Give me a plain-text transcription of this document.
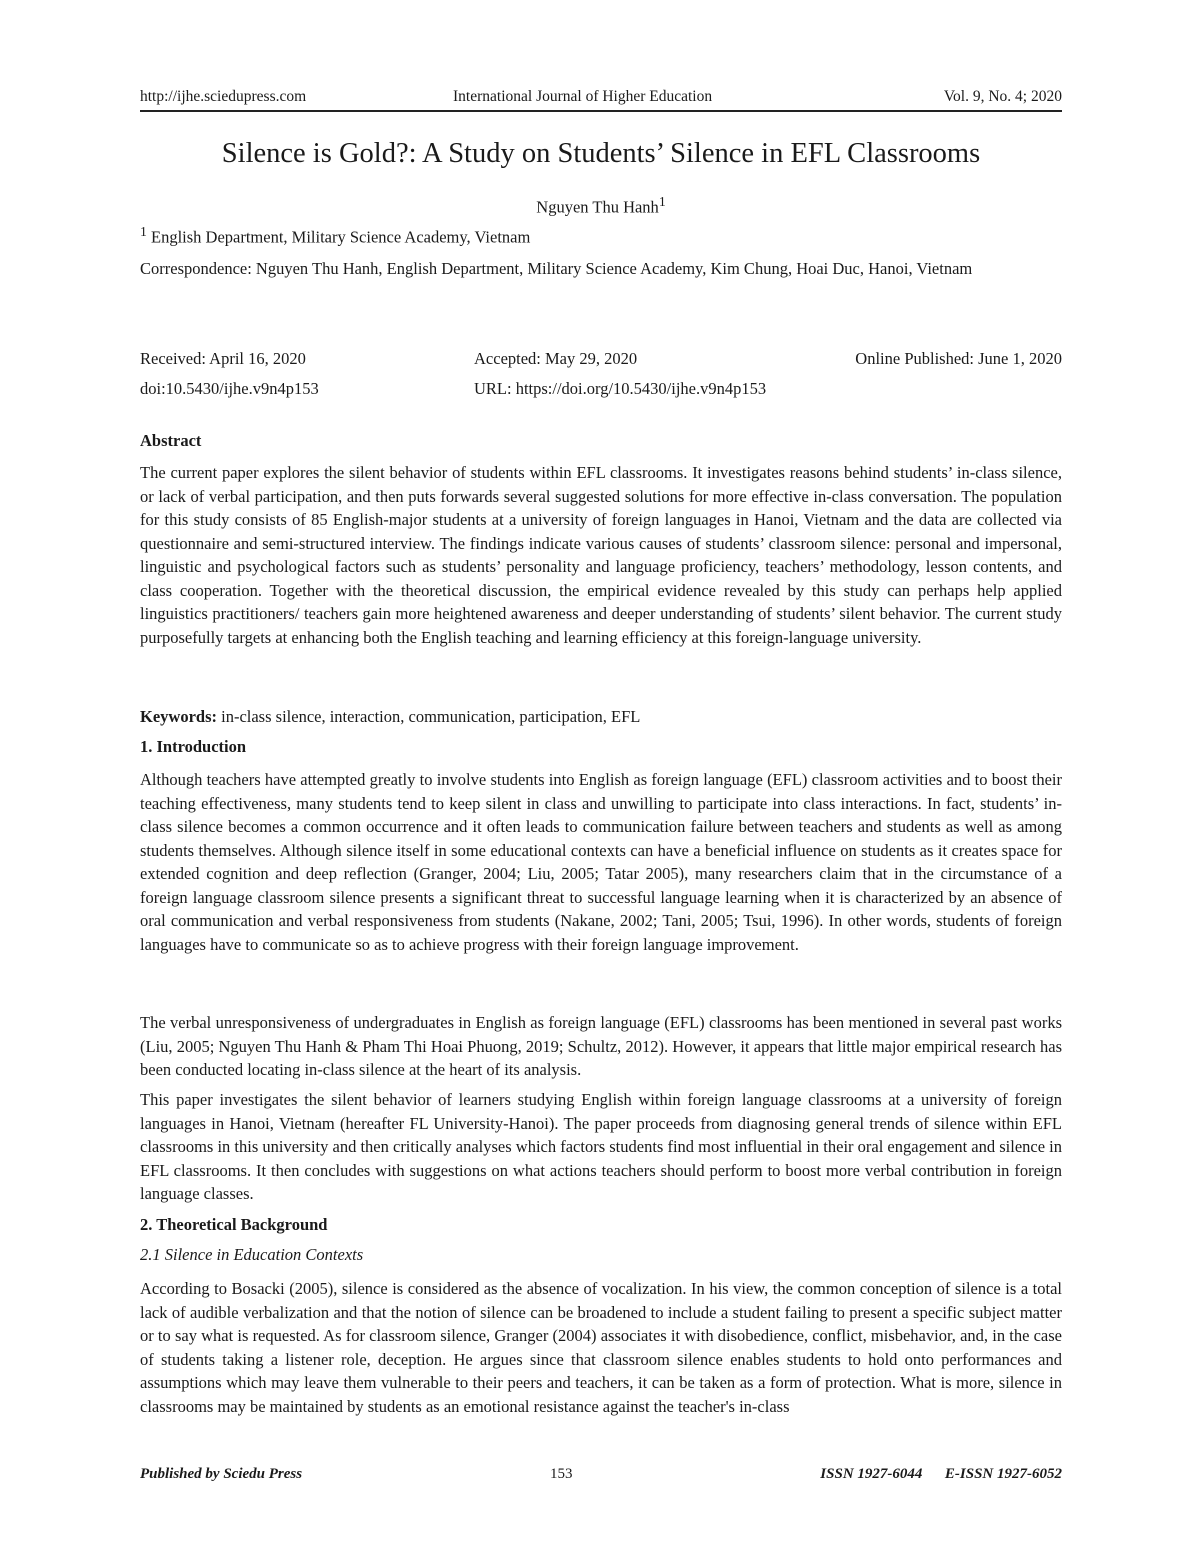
http://ijhe.sciedupress.com	International Journal of Higher Education	Vol. 9, No. 4; 2020
Silence is Gold?: A Study on Students’ Silence in EFL Classrooms
Nguyen Thu Hanh$^1$
$^1$ English Department, Military Science Academy, Vietnam
Correspondence: Nguyen Thu Hanh, English Department, Military Science Academy, Kim Chung, Hoai Duc, Hanoi, Vietnam
Received: April 16, 2020	Accepted: May 29, 2020	Online Published: June 1, 2020
doi:10.5430/ijhe.v9n4p153	URL: https://doi.org/10.5430/ijhe.v9n4p153
Abstract

The current paper explores the silent behavior of students within EFL classrooms. It investigates reasons behind students’ in-class silence, or lack of verbal participation, and then puts forwards several suggested solutions for more effective in-class conversation. The population for this study consists of 85 English-major students at a university of foreign languages in Hanoi, Vietnam and the data are collected via questionnaire and semi-structured interview. The findings indicate various causes of students’ classroom silence: personal and impersonal, linguistic and psychological factors such as students’ personality and language proficiency, teachers’ methodology, lesson contents, and class cooperation. Together with the theoretical discussion, the empirical evidence revealed by this study can perhaps help applied linguistics practitioners/ teachers gain more heightened awareness and deeper understanding of students’ silent behavior. The current study purposefully targets at enhancing both the English teaching and learning efficiency at this foreign-language university.

Keywords: in-class silence, interaction, communication, participation, EFL
1. Introduction

Although teachers have attempted greatly to involve students into English as foreign language (EFL) classroom activities and to boost their teaching effectiveness, many students tend to keep silent in class and unwilling to participate into class interactions. In fact, students’ in-class silence becomes a common occurrence and it often leads to communication failure between teachers and students as well as among students themselves. Although silence itself in some educational contexts can have a beneficial influence on students as it creates space for extended cognition and deep reflection (Granger, 2004; Liu, 2005; Tatar 2005), many researchers claim that in the circumstance of a foreign language classroom silence presents a significant threat to successful language learning when it is characterized by an absence of oral communication and verbal responsiveness from students (Nakane, 2002; Tani, 2005; Tsui, 1996). In other words, students of foreign languages have to communicate so as to achieve progress with their foreign language improvement.

The verbal unresponsiveness of undergraduates in English as foreign language (EFL) classrooms has been mentioned in several past works (Liu, 2005; Nguyen Thu Hanh & Pham Thi Hoai Phuong, 2019; Schultz, 2012). However, it appears that little major empirical research has been conducted locating in-class silence at the heart of its analysis.

This paper investigates the silent behavior of learners studying English within foreign language classrooms at a university of foreign languages in Hanoi, Vietnam (hereafter FL University-Hanoi). The paper proceeds from diagnosing general trends of silence within EFL classrooms in this university and then critically analyses which factors students find most influential in their oral engagement and silence in EFL classrooms. It then concludes with suggestions on what actions teachers should perform to boost more verbal contribution in foreign language classes.

2. Theoretical Background
2.1 Silence in Education Contexts

According to Bosacki (2005), silence is considered as the absence of vocalization. In his view, the common conception of silence is a total lack of audible verbalization and that the notion of silence can be broadened to include a student failing to present a specific subject matter or to say what is requested. As for classroom silence, Granger (2004) associates it with disobedience, conflict, misbehavior, and, in the case of students taking a listener role, deception. He argues since that classroom silence enables students to hold onto performances and assumptions which may leave them vulnerable to their peers and teachers, it can be taken as a form of protection. What is more, silence in classrooms may be maintained by students as an emotional resistance against the teacher's in-class

Published by Sciedu Press	153	ISSN 1927-6044      E-ISSN 1927-6052
